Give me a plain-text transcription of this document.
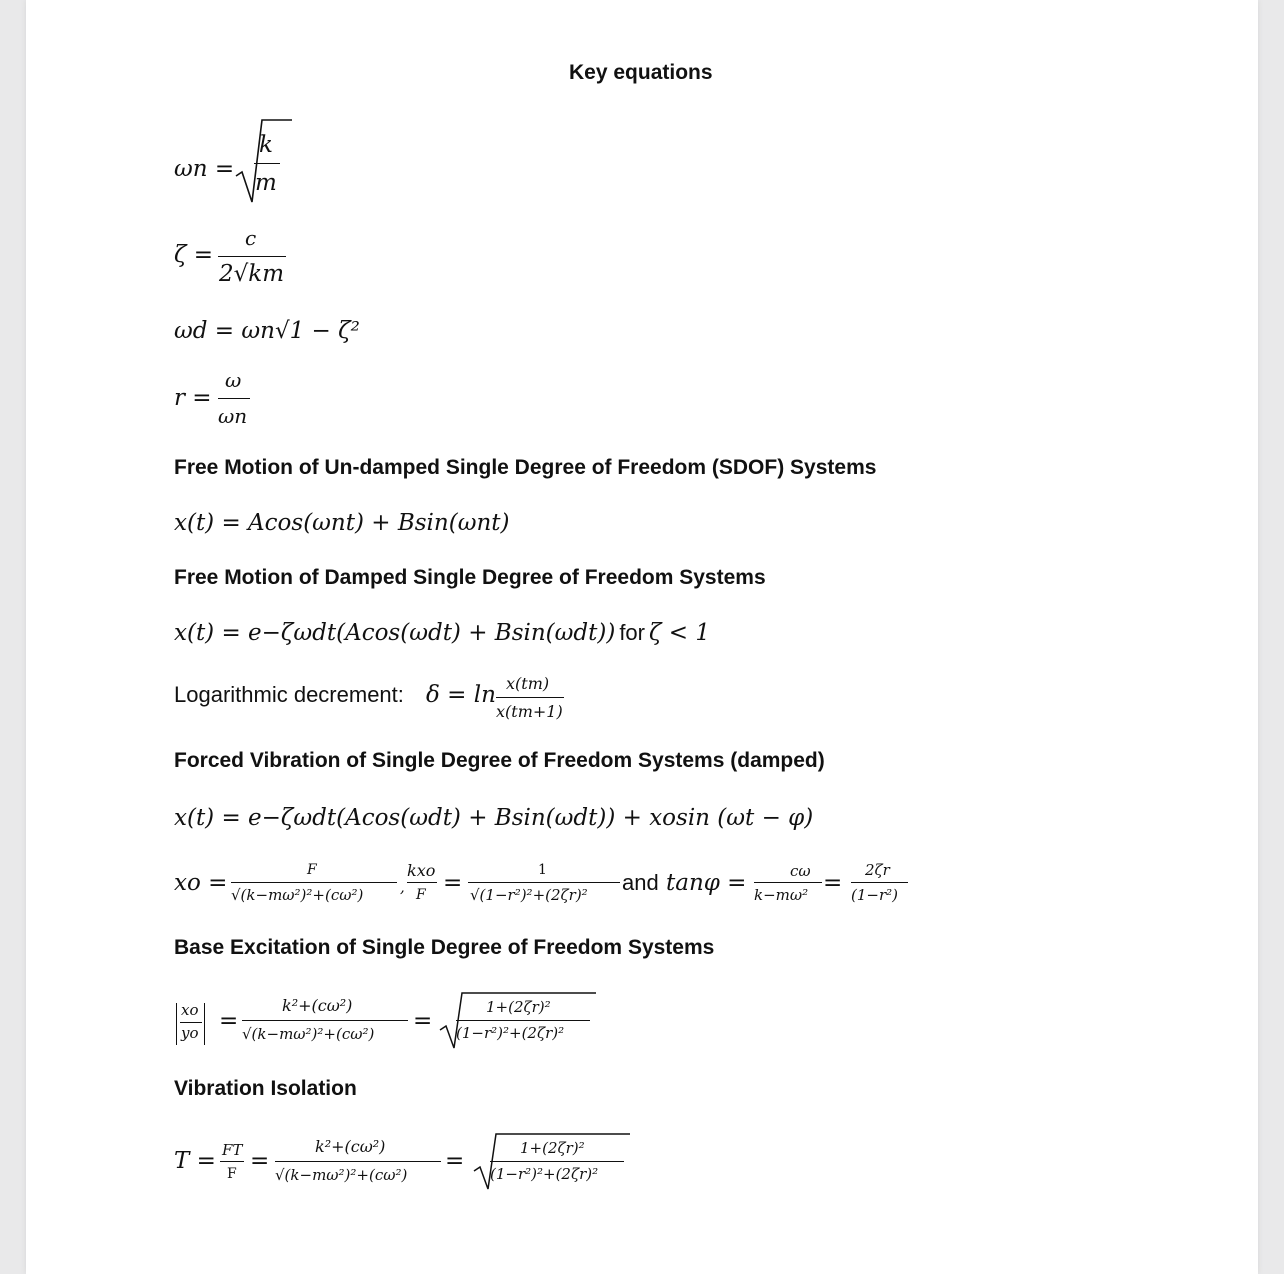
Key equations
ωn =
k
m
ζ =
c
2√km
ωd = ωn√1 − ζ²
r =
ω
ωn
Free Motion of Un-damped Single Degree of Freedom (SDOF) Systems
x(t) = Acos(ωnt) + Bsin(ωnt)
Free Motion of Damped Single Degree of Freedom Systems
x(t) = e−ζωdt(Acos(ωdt) + Bsin(ωdt)) for ζ < 1
Logarithmic decrement: δ = ln x(tm)
x(tm+1)
Forced Vibration of Single Degree of Freedom Systems (damped)
x(t) = e−ζωdt(Acos(ωdt) + Bsin(ωdt)) + xosin (ωt − φ)
xo =	F
√(k−mω²)²+(cω²) ,
kxo
F =	1
√(1−r²)²+(2ζr)² and tanφ =	cω
k−mω² = 2ζr
(1−r²)
Base Excitation of Single Degree of Freedom Systems
xo
yo =
k²+(cω²)
√(k−mω²)²+(cω²) =
1+(2ζr)²
(1−r²)²+(2ζr)²
Vibration Isolation
T = FT
F =
k²+(cω²)
√(k−mω²)²+(cω²)
=	1+(2ζr)²
(1−r²)²+(2ζr)²
